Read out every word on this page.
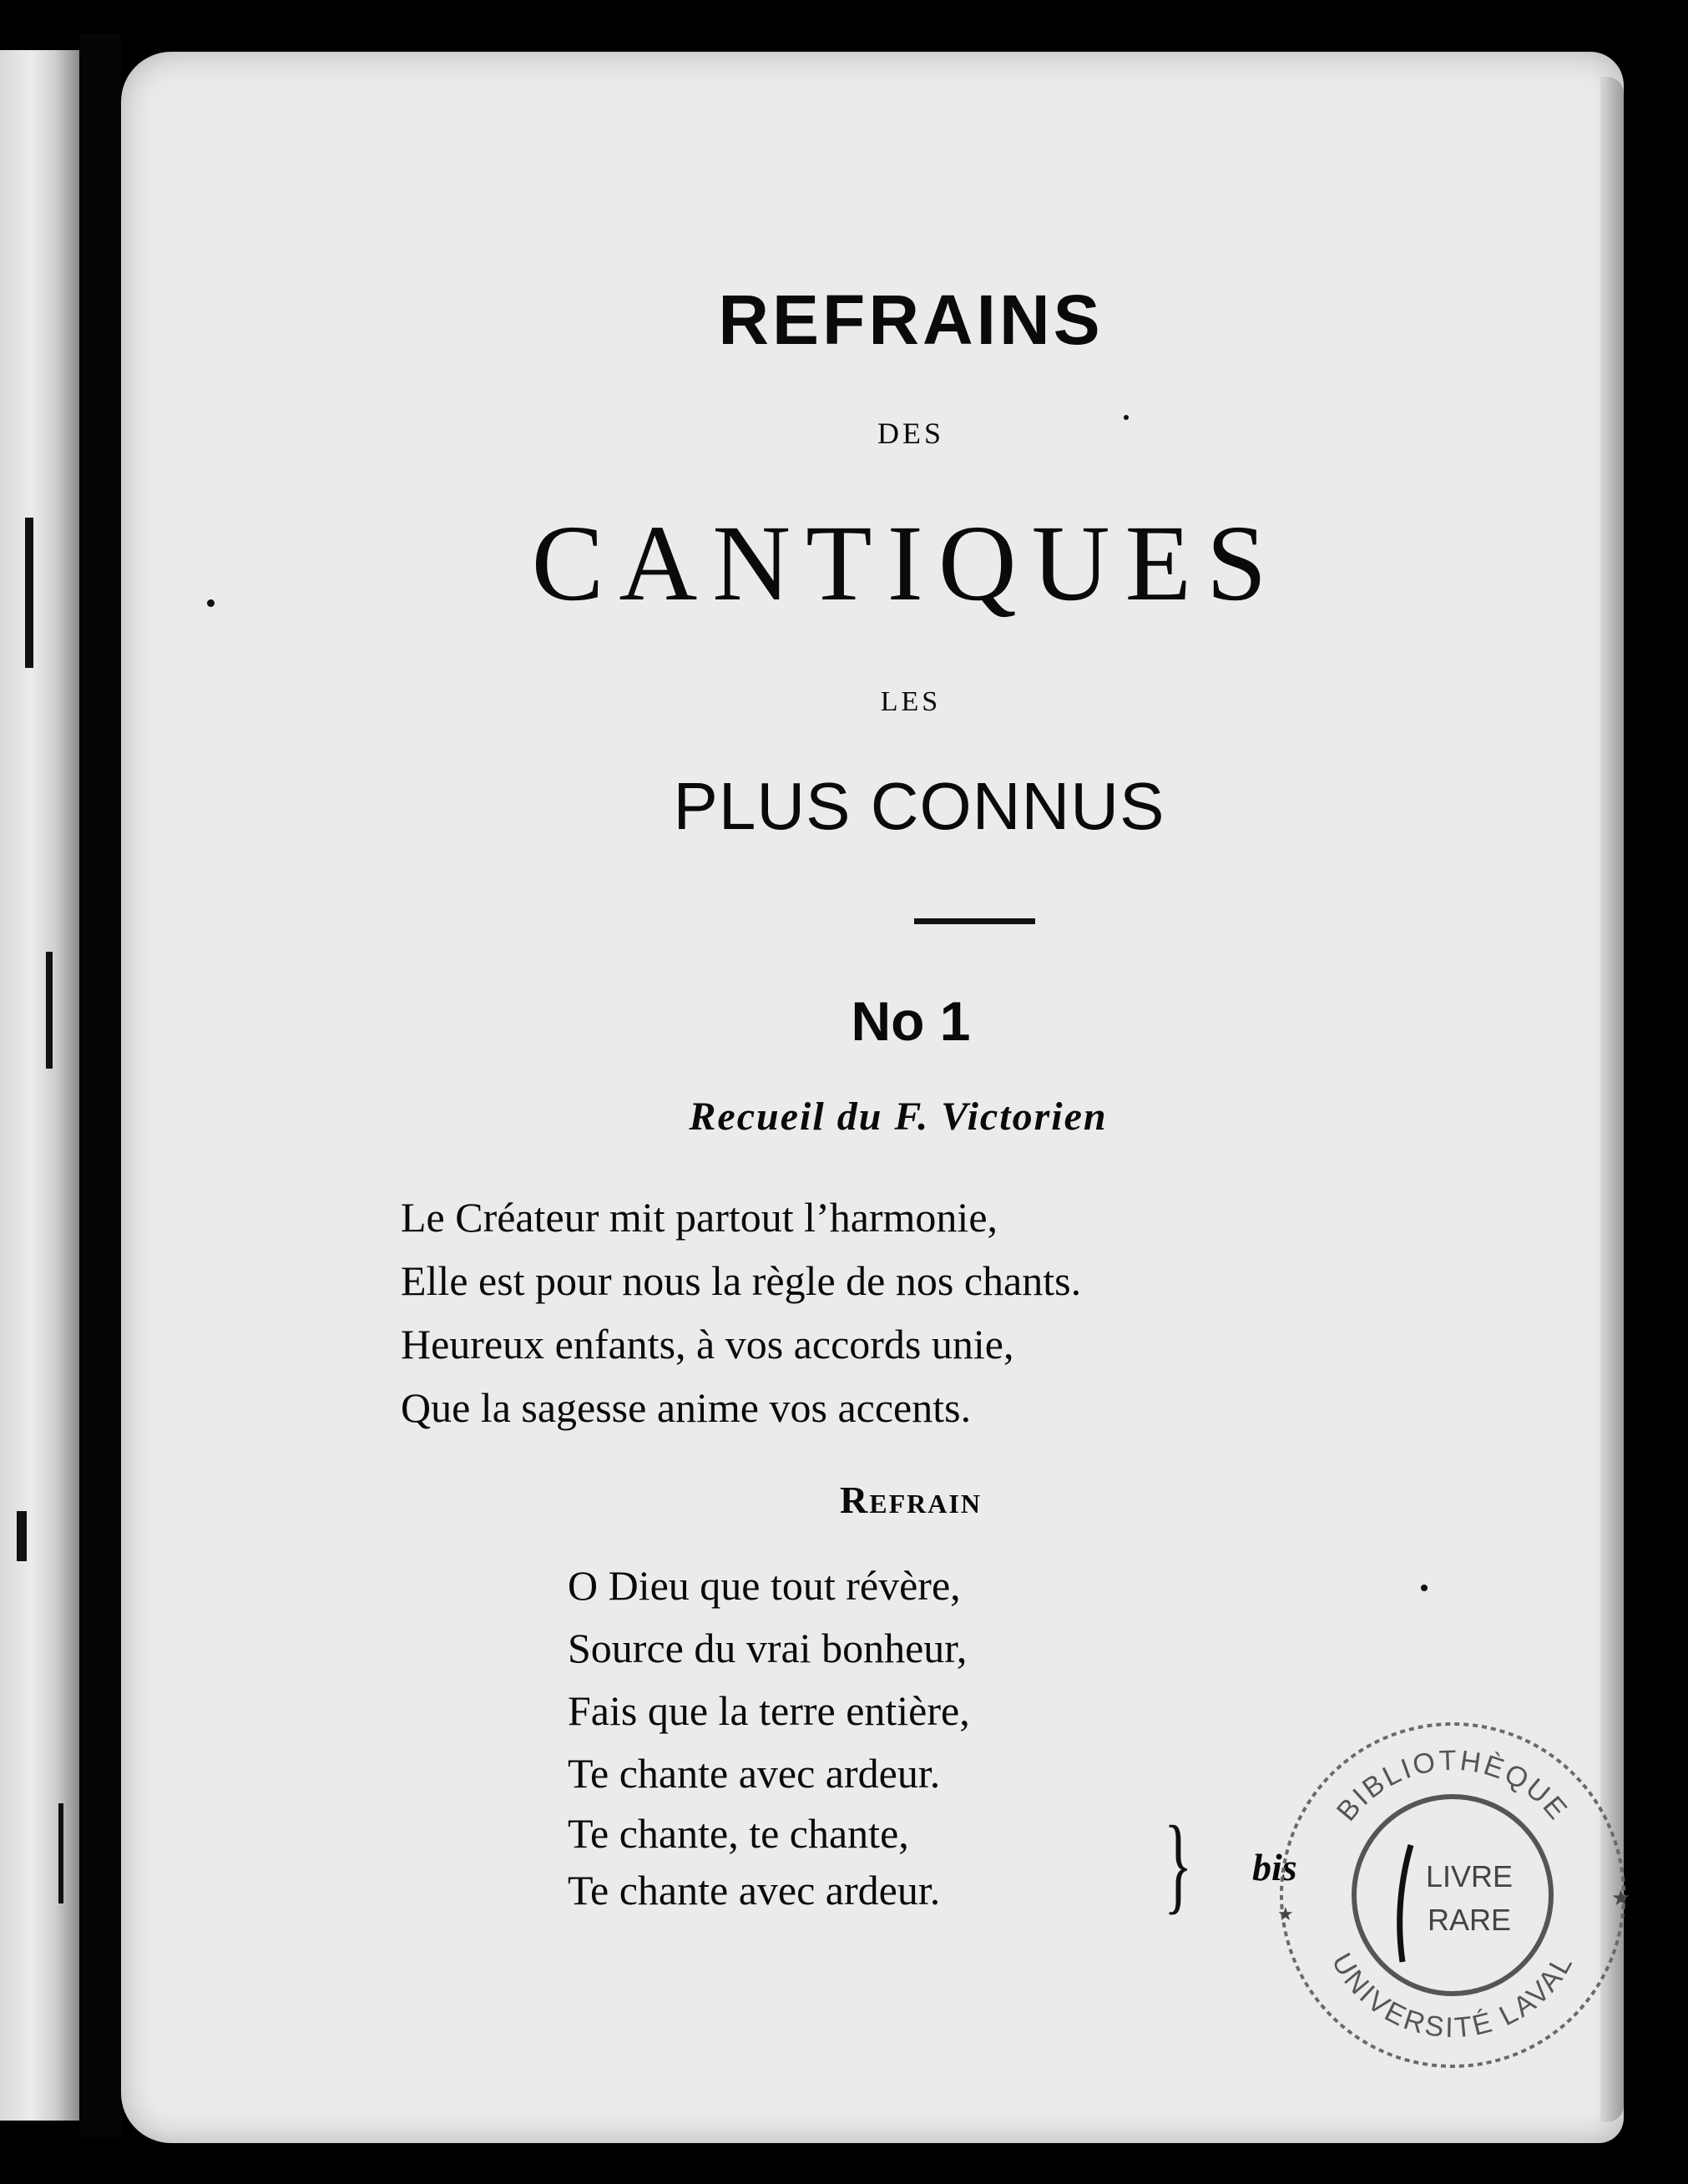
REFRAINS
DES
CANTIQUES
LES
PLUS CONNUS
No 1
Recueil du F. Victorien
Le Créateur mit partout l’harmonie,
Elle est pour nous la règle de nos chants.
Heureux enfants, à vos accords unie,
Que la sagesse anime vos accents.
Refrain
O Dieu que tout révère,
Source du vrai bonheur,
Fais que la terre entière,
Te chante avec ardeur.
Te chante, te chante,
Te chante avec ardeur. } bis
BIBLIOTHÈQUE
UNIVERSITÉ LAVAL
LIVRE
RARE
★
★
